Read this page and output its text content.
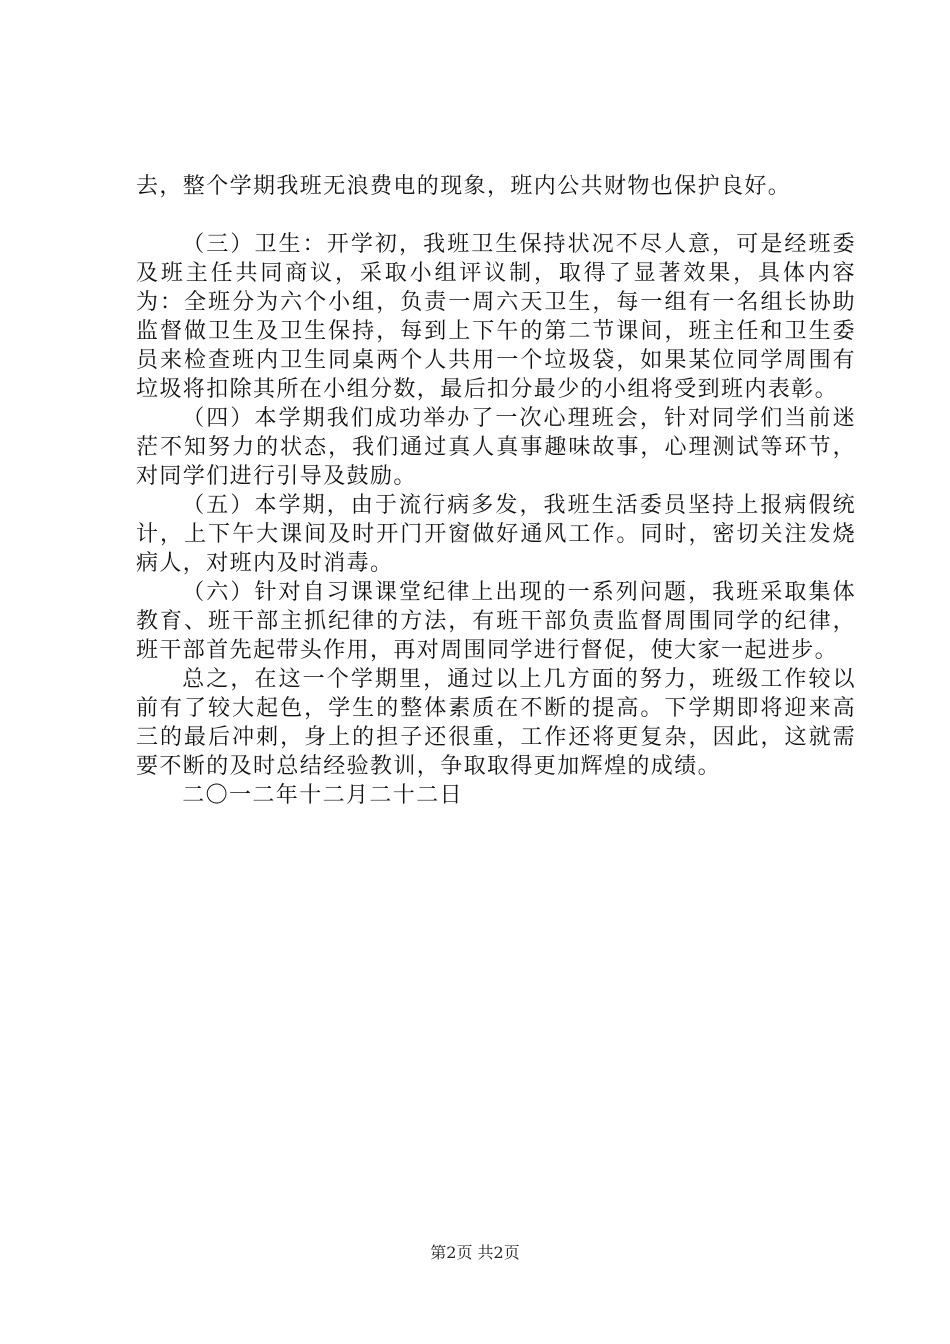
去，整个学期我班无浪费电的现象，班内公共财物也保护良好。

（三）卫生：开学初，我班卫生保持状况不尽人意，可是经班委及班主任共同商议，采取小组评议制，取得了显著效果，具体内容为：全班分为六个小组，负责一周六天卫生，每一组有一名组长协助监督做卫生及卫生保持，每到上下午的第二节课间，班主任和卫生委员来检查班内卫生同桌两个人共用一个垃圾袋，如果某位同学周围有垃圾将扣除其所在小组分数，最后扣分最少的小组将受到班内表彰。

（四）本学期我们成功举办了一次心理班会，针对同学们当前迷茫不知努力的状态，我们通过真人真事趣味故事，心理测试等环节，对同学们进行引导及鼓励。

（五）本学期，由于流行病多发，我班生活委员坚持上报病假统计，上下午大课间及时开门开窗做好通风工作。同时，密切关注发烧病人，对班内及时消毒。

（六）针对自习课课堂纪律上出现的一系列问题，我班采取集体教育、班干部主抓纪律的方法，有班干部负责监督周围同学的纪律，班干部首先起带头作用，再对周围同学进行督促，使大家一起进步。

总之，在这一个学期里，通过以上几方面的努力，班级工作较以前有了较大起色，学生的整体素质在不断的提高。下学期即将迎来高三的最后冲刺，身上的担子还很重，工作还将更复杂，因此，这就需要不断的及时总结经验教训，争取取得更加辉煌的成绩。

二〇一二年十二月二十二日

第2页 共2页
